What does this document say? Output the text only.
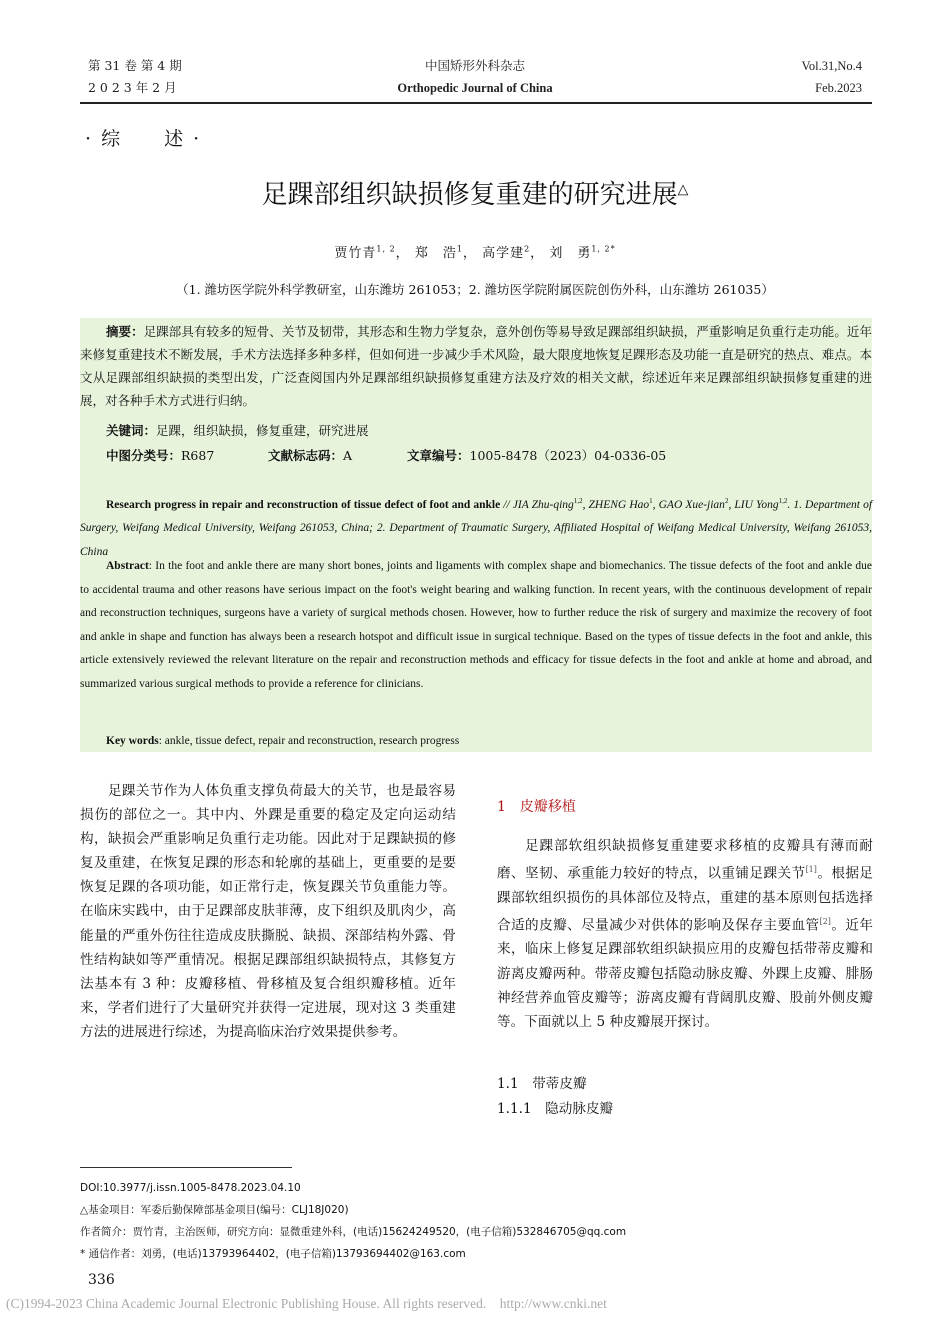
第 31 卷 第 4 期
2 0 2 3 年 2 月
中国矫形外科杂志
Orthopedic Journal of China
Vol.31,No.4
Feb.2023
· 综　　述 ·
足踝部组织缺损修复重建的研究进展△
贾竹青$^{1, 2}$， 郑　浩$^1$， 高学建$^2$， 刘　勇$^{1, 2*}$
（1. 潍坊医学院外科学教研室，山东潍坊 261053；2. 潍坊医学院附属医院创伤外科，山东潍坊 261035）
摘要：足踝部具有较多的短骨、关节及韧带，其形态和生物力学复杂，意外创伤等易导致足踝部组织缺损，严重影响足负重行走功能。近年来修复重建技术不断发展，手术方法选择多种多样，但如何进一步减少手术风险，最大限度地恢复足踝形态及功能一直是研究的热点、难点。本文从足踝部组织缺损的类型出发，广泛查阅国内外足踝部组织缺损修复重建方法及疗效的相关文献，综述近年来足踝部组织缺损修复重建的进展，对各种手术方式进行归纳。
关键词：足踝，组织缺损，修复重建，研究进展
中图分类号：R687	文献标志码：A	文章编号：1005-8478（2023）04-0336-05
Research progress in repair and reconstruction of tissue defect of foot and ankle // JIA Zhu-qing$^{1,2}$, ZHENG Hao$^1$, GAO Xue-jian$^2$, LIU Yong$^{1,2}$. 1. Department of Surgery, Weifang Medical University, Weifang 261053, China; 2. Department of Traumatic Surgery, Affiliated Hospital of Weifang Medical University, Weifang 261053, China
Abstract: In the foot and ankle there are many short bones, joints and ligaments with complex shape and biomechanics. The tissue defects of the foot and ankle due to accidental trauma and other reasons have serious impact on the foot's weight bearing and walking function. In recent years, with the continuous development of repair and reconstruction techniques, surgeons have a variety of surgical methods chosen. However, how to further reduce the risk of surgery and maximize the recovery of foot and ankle in shape and function has always been a research hotspot and difficult issue in surgical technique. Based on the types of tissue defects in the foot and ankle, this article extensively reviewed the relevant literature on the repair and reconstruction methods and efficacy for tissue defects in the foot and ankle at home and abroad, and summarized various surgical methods to provide a reference for clinicians.
Key words: ankle, tissue defect, repair and reconstruction, research progress
足踝关节作为人体负重支撑负荷最大的关节，也是最容易损伤的部位之一。其中内、外踝是重要的稳定及定向运动结构，缺损会严重影响足负重行走功能。因此对于足踝缺损的修复及重建，在恢复足踝的形态和轮廓的基础上，更重要的是要恢复足踝的各项功能，如正常行走，恢复踝关节负重能力等。在临床实践中，由于足踝部皮肤菲薄，皮下组织及肌肉少，高能量的严重外伤往往造成皮肤撕脱、缺损、深部结构外露、骨性结构缺如等严重情况。根据足踝部组织缺损特点，其修复方法基本有 3 种：皮瓣移植、骨移植及复合组织瓣移植。近年来，学者们进行了大量研究并获得一定进展，现对这 3 类重建方法的进展进行综述，为提高临床治疗效果提供参考。
1　 皮瓣移植
足踝部软组织缺损修复重建要求移植的皮瓣具有薄而耐磨、坚韧、承重能力较好的特点，以重铺足踝关节[1]。根据足踝部软组织损伤的具体部位及特点，重建的基本原则包括选择合适的皮瓣、尽量减少对供体的影响及保存主要血管[2]。近年来，临床上修复足踝部软组织缺损应用的皮瓣包括带蒂皮瓣和游离皮瓣两种。带蒂皮瓣包括隐动脉皮瓣、外踝上皮瓣、腓肠神经营养血管皮瓣等；游离皮瓣有背阔肌皮瓣、股前外侧皮瓣等。下面就以上 5 种皮瓣展开探讨。
1.1　带蒂皮瓣
1.1.1　隐动脉皮瓣
DOI:10.3977/j.issn.1005-8478.2023.04.10
△基金项目：军委后勤保障部基金项目(编号：CLJ18J020)
作者简介：贾竹青，主治医师，研究方向：显微重建外科，(电话)15624249520，(电子信箱)532846705@qq.com
* 通信作者：刘勇，(电话)13793964402，(电子信箱)13793694402@163.com
336
(C)1994-2023 China Academic Journal Electronic Publishing House. All rights reserved.    http://www.cnki.net
